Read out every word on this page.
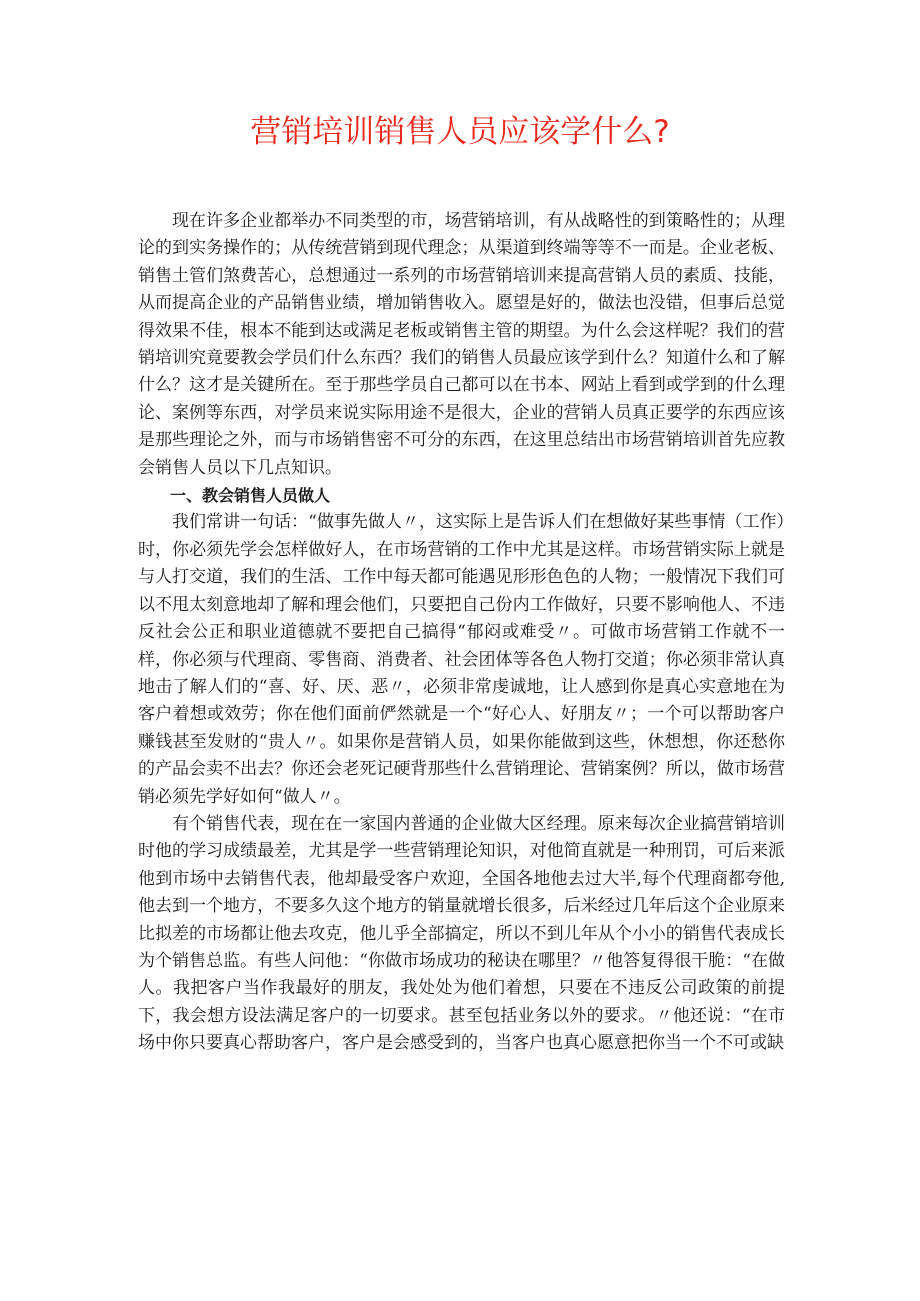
营销培训销售人员应该学什么?

现在许多企业都举办不同类型的市，场营销培训，有从战略性的到策略性的；从理论的到实务操作的；从传统营销到现代理念；从渠道到终端等等不一而是。企业老板、销售土管们煞费苦心，总想通过一系列的市场营销培训来提高营销人员的素质、技能，从而提高企业的产品销售业绩，增加销售收入。愿望是好的，做法也没错，但事后总觉得效果不佳，根本不能到达或满足老板或销售主管的期望。为什么会这样呢？我们的营销培训究竟要教会学员们什么东西？我们的销售人员最应该学到什么？知道什么和了解什么？这才是关键所在。至于那些学员自己都可以在书本、网站上看到或学到的什么理论、案例等东西，对学员来说实际用途不是很大，企业的营销人员真正要学的东西应该是那些理论之外，而与市场销售密不可分的东西，在这里总结出市场营销培训首先应教会销售人员以下几点知识。

一、教会销售人员做人

我们常讲一句话：“做事先做人〃，这实际上是告诉人们在想做好某些事情（工作）时，你必须先学会怎样做好人，在市场营销的工作中尤其是这样。市场营销实际上就是与人打交道，我们的生活、工作中每天都可能遇见形形色色的人物；一般情况下我们可以不甩太刻意地却了解和理会他们，只要把自己份内工作做好，只要不影响他人、不违反社会公正和职业道德就不要把自己搞得“郁闷或难受〃。可做市场营销工作就不一样，你必须与代理商、零售商、消费者、社会团体等各色人物打交道；你必须非常认真地击了解人们的“喜、好、厌、恶〃，必须非常虔诚地，让人感到你是真心实意地在为客户着想或效劳；你在他们面前俨然就是一个“好心人、好朋友〃；一个可以帮助客户赚钱甚至发财的“贵人〃。如果你是营销人员，如果你能做到这些，休想想，你还愁你的产品会卖不出去？你还会老死记硬背那些什么营销理论、营销案例？所以，做市场营销必须先学好如何“做人〃。

有个销售代表，现在在一家国内普通的企业做大区经理。原来每次企业搞营销培训时他的学习成绩最差，尤其是学一些营销理论知识，对他简直就是一种刑罚，可后来派他到市场中去销售代表，他却最受客户欢迎，全国各地他去过大半,每个代理商都夸他,他去到一个地方，不要多久这个地方的销量就增长很多，后米经过几年后这个企业原来比拟差的市场都让他去攻克，他儿乎全部搞定，所以不到儿年从个小小的销售代表成长为个销售总监。有些人问他：“你做市场成功的秘诀在哪里？〃他答复得很干脆：“在做人。我把客户当作我最好的朋友，我处处为他们着想，只要在不违反公司政策的前提下，我会想方设法满足客户的一切要求。甚至包括业务以外的要求。〃他还说：“在市场中你只要真心帮助客户，客户是会感受到的，当客户也真心愿意把你当一个不可或缺
